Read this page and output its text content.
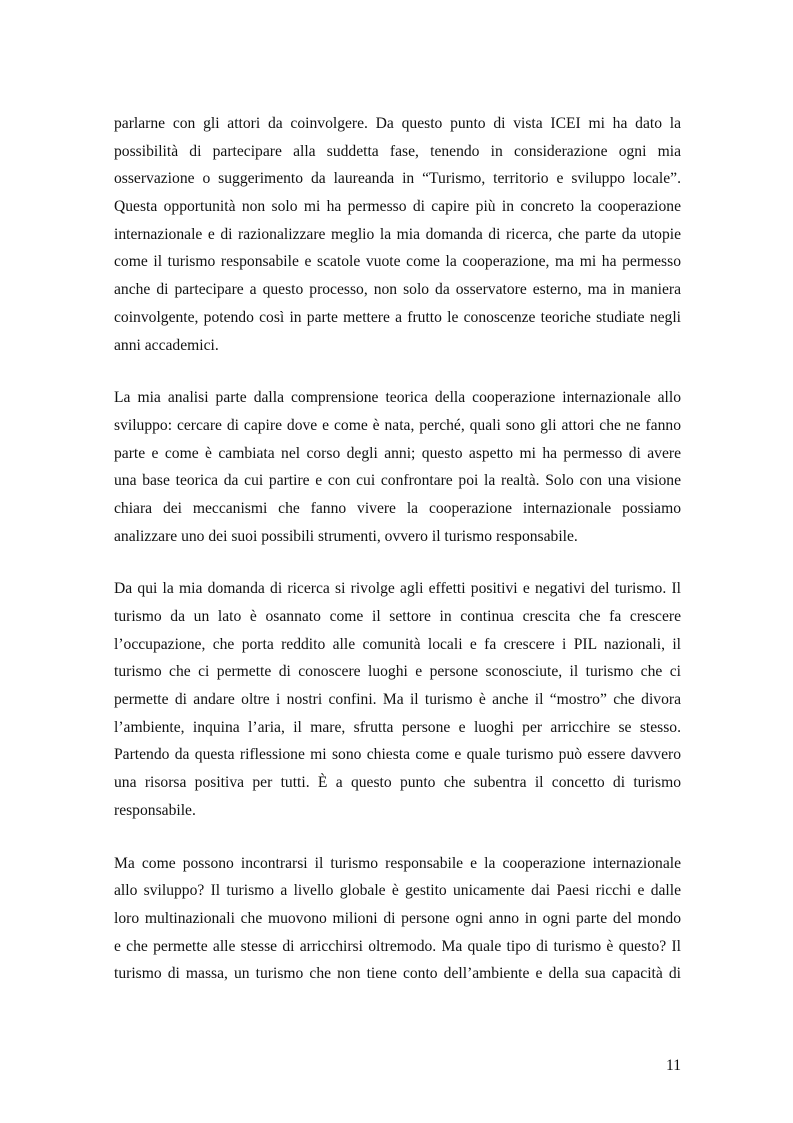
parlarne con gli attori da coinvolgere. Da questo punto di vista ICEI mi ha dato la
possibilità di partecipare alla suddetta fase, tenendo in considerazione ogni mia
osservazione o suggerimento da laureanda in “Turismo, territorio e sviluppo locale”.
Questa opportunità non solo mi ha permesso di capire più in concreto la cooperazione
internazionale e di razionalizzare meglio la mia domanda di ricerca, che parte da utopie
come il turismo responsabile e scatole vuote come la cooperazione, ma mi ha permesso
anche di partecipare a questo processo, non solo da osservatore esterno, ma in maniera
coinvolgente, potendo così in parte mettere a frutto le conoscenze teoriche studiate negli
anni accademici.
La mia analisi parte dalla comprensione teorica della cooperazione internazionale allo
sviluppo: cercare di capire dove e come è nata, perché, quali sono gli attori che ne fanno
parte e come è cambiata nel corso degli anni; questo aspetto mi ha permesso di avere
una base teorica da cui partire e con cui confrontare poi la realtà. Solo con una visione
chiara dei meccanismi che fanno vivere la cooperazione internazionale possiamo
analizzare uno dei suoi possibili strumenti, ovvero il turismo responsabile.
Da qui la mia domanda di ricerca si rivolge agli effetti positivi e negativi del turismo. Il
turismo da un lato è osannato come il settore in continua crescita che fa crescere
l’occupazione, che porta reddito alle comunità locali e fa crescere i PIL nazionali, il
turismo che ci permette di conoscere luoghi e persone sconosciute, il turismo che ci
permette di andare oltre i nostri confini. Ma il turismo è anche il “mostro” che divora
l’ambiente, inquina l’aria, il mare, sfrutta persone e luoghi per arricchire se stesso.
Partendo da questa riflessione mi sono chiesta come e quale turismo può essere davvero
una risorsa positiva per tutti. È a questo punto che subentra il concetto di turismo
responsabile.
Ma come possono incontrarsi il turismo responsabile e la cooperazione internazionale
allo sviluppo? Il turismo a livello globale è gestito unicamente dai Paesi ricchi e dalle
loro multinazionali che muovono milioni di persone ogni anno in ogni parte del mondo
e che permette alle stesse di arricchirsi oltremodo. Ma quale tipo di turismo è questo? Il
turismo di massa, un turismo che non tiene conto dell’ambiente e della sua capacità di
11
